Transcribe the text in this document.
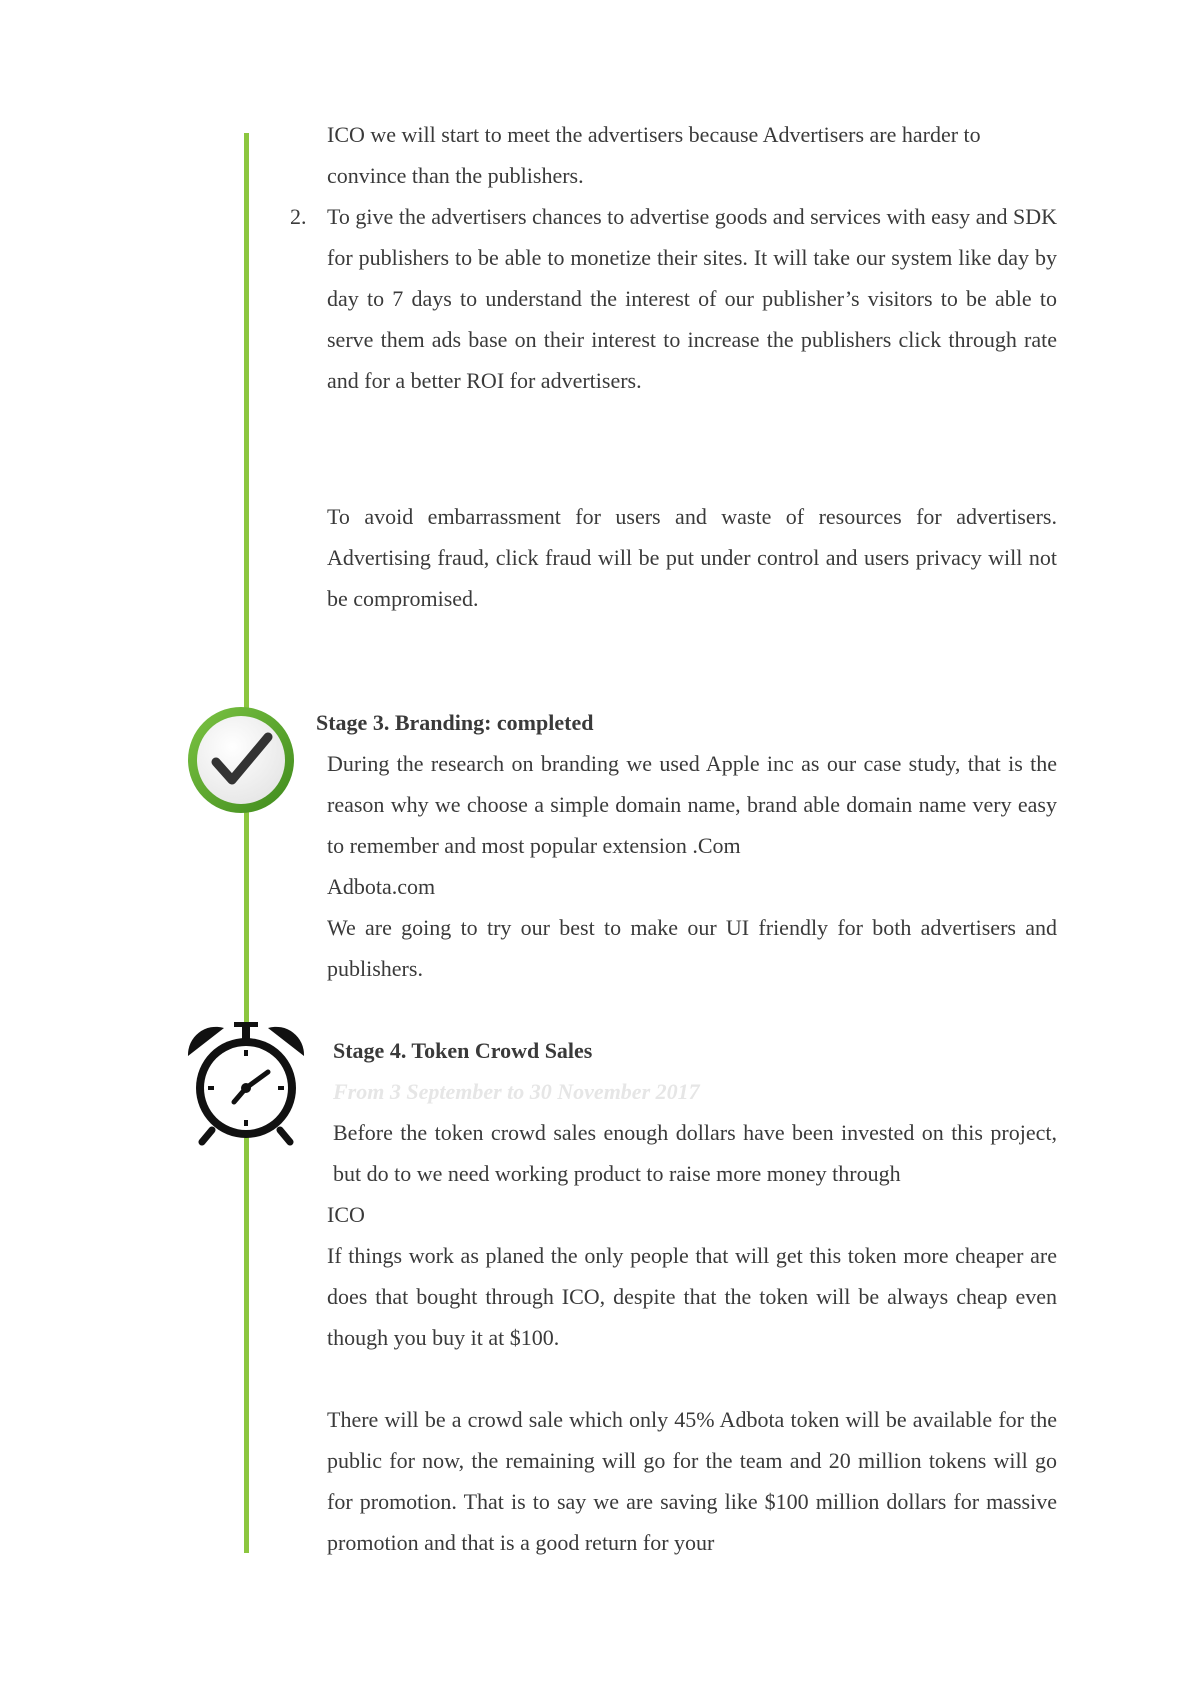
ICO we will start to meet the advertisers because Advertisers are harder to

convince than the publishers.

2. To give the advertisers chances to advertise goods and services with easy and SDK for publishers to be able to monetize their sites. It will take our system like day by day to 7 days to understand the interest of our publisher’s visitors to be able to serve them ads base on their interest to increase the publishers click through rate and for a better ROI for advertisers.

To avoid embarrassment for users and waste of resources for advertisers. Advertising fraud, click fraud will be put under control and users privacy will not be compromised.

Stage 3. Branding: completed

During the research on branding we used Apple inc as our case study, that is the reason why we choose a simple domain name, brand able domain name very easy to remember and most popular extension .Com

Adbota.com

We are going to try our best to make our UI friendly for both advertisers and publishers.

Stage 4. Token Crowd Sales
From 3 September to 30 November 2017

Before the token crowd sales enough dollars have been invested on this project, but do to we need working product to raise more money through

ICO

If things work as planed the only people that will get this token more cheaper are does that bought through ICO, despite that the token will be always cheap even though you buy it at $100.

There will be a crowd sale which only 45% Adbota token will be available for the public for now, the remaining will go for the team and 20 million tokens will go for promotion. That is to say we are saving like $100 million dollars for massive promotion and that is a good return for your
